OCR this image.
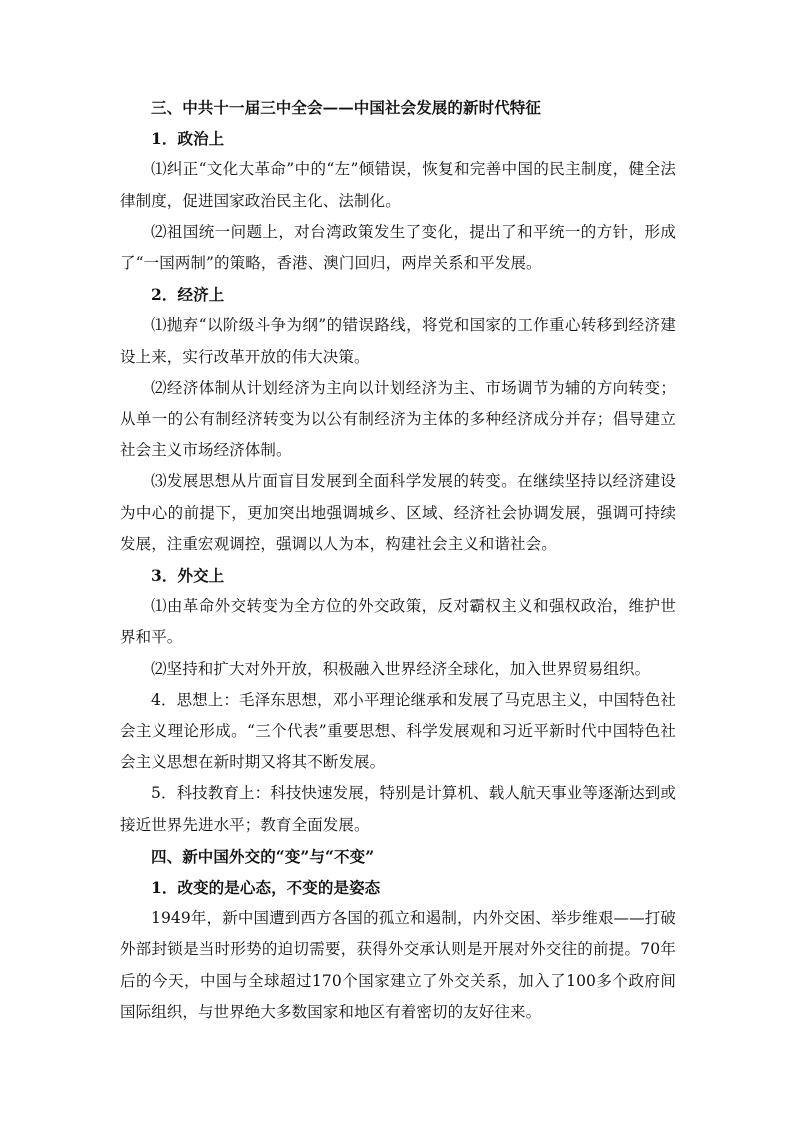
三、中共十一届三中全会——中国社会发展的新时代特征

1．政治上

⑴纠正“文化大革命”中的“左”倾错误，恢复和完善中国的民主制度，健全法律制度，促进国家政治民主化、法制化。

⑵祖国统一问题上，对台湾政策发生了变化，提出了和平统一的方针，形成了“一国两制”的策略，香港、澳门回归，两岸关系和平发展。

2．经济上

⑴抛弃“以阶级斗争为纲”的错误路线，将党和国家的工作重心转移到经济建设上来，实行改革开放的伟大决策。

⑵经济体制从计划经济为主向以计划经济为主、市场调节为辅的方向转变；从单一的公有制经济转变为以公有制经济为主体的多种经济成分并存；倡导建立社会主义市场经济体制。

⑶发展思想从片面盲目发展到全面科学发展的转变。在继续坚持以经济建设为中心的前提下，更加突出地强调城乡、区域、经济社会协调发展，强调可持续发展，注重宏观调控，强调以人为本，构建社会主义和谐社会。

3．外交上

⑴由革命外交转变为全方位的外交政策，反对霸权主义和强权政治，维护世界和平。

⑵坚持和扩大对外开放，积极融入世界经济全球化，加入世界贸易组织。

4．思想上：毛泽东思想，邓小平理论继承和发展了马克思主义，中国特色社会主义理论形成。“三个代表”重要思想、科学发展观和习近平新时代中国特色社会主义思想在新时期又将其不断发展。

5．科技教育上：科技快速发展，特别是计算机、载人航天事业等逐渐达到或接近世界先进水平；教育全面发展。

四、新中国外交的“变”与“不变”

1．改变的是心态，不变的是姿态

1949年，新中国遭到西方各国的孤立和遏制，内外交困、举步维艰——打破外部封锁是当时形势的迫切需要，获得外交承认则是开展对外交往的前提。70年后的今天，中国与全球超过170个国家建立了外交关系，加入了100多个政府间国际组织，与世界绝大多数国家和地区有着密切的友好往来。
